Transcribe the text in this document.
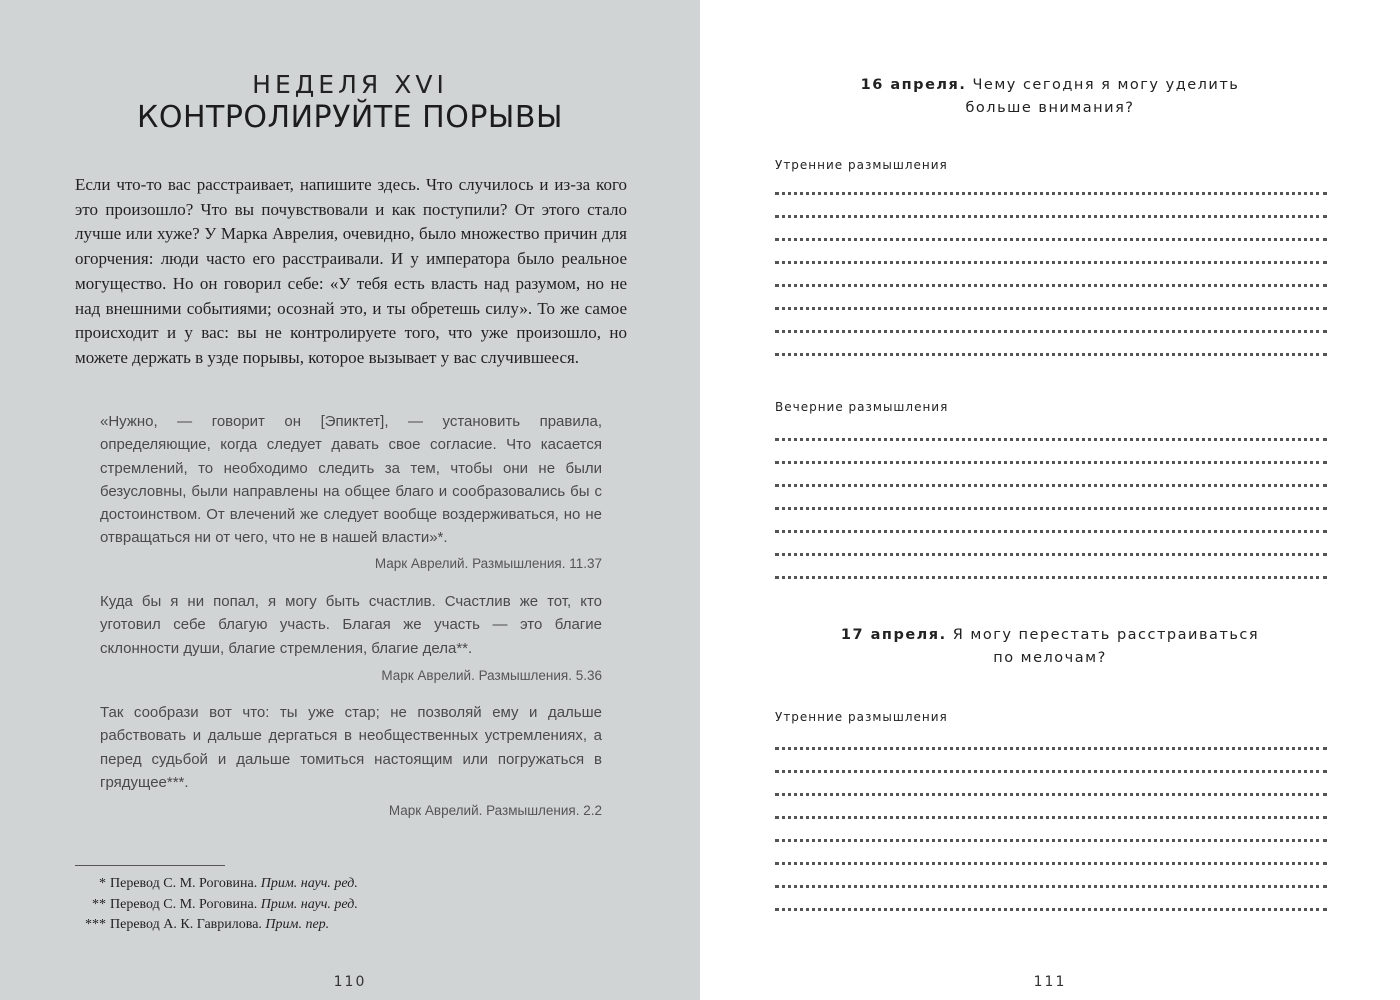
НЕДЕЛЯ XVI
КОНТРОЛИРУЙТЕ ПОРЫВЫ

Если что-то вас расстраивает, напишите здесь. Что случилось и из-за кого это произошло? Что вы почувствовали и как поступили? От этого стало лучше или хуже? У Марка Аврелия, очевидно, было множество причин для огорчения: люди часто его расстраивали. И у императора было реальное могущество. Но он говорил себе: «У тебя есть власть над разумом, но не над внешними событиями; осознай это, и ты обретешь силу». То же самое происходит и у вас: вы не контролируете того, что уже произошло, но можете держать в узде порывы, которое вызывает у вас случившееся.

«Нужно, — говорит он [Эпиктет], — установить правила, определяющие, когда следует давать свое согласие. Что касается стремлений, то необходимо следить за тем, чтобы они не были безусловны, были направлены на общее благо и сообразовались бы с достоинством. От влечений же следует вообще воздерживаться, но не отвращаться ни от чего, что не в нашей власти»*.

Марк Аврелий. Размышления. 11.37

Куда бы я ни попал, я могу быть счастлив. Счастлив же тот, кто уготовил себе благую участь. Благая же участь — это благие склонности души, благие стремления, благие дела**.

Марк Аврелий. Размышления. 5.36

Так сообрази вот что: ты уже стар; не позволяй ему и дальше рабствовать и дальше дергаться в необщественных устремлениях, а перед судьбой и дальше томиться настоящим или погружаться в грядущее***.

Марк Аврелий. Размышления. 2.2
* Перевод С. М. Роговина. Прим. науч. ред.
** Перевод С. М. Роговина. Прим. науч. ред.
*** Перевод А. К. Гаврилова. Прим. пер.
110
16 апреля. Чему сегодня я могу уделить
больше внимания?
Утренние размышления
Вечерние размышления
17 апреля. Я могу перестать расстраиваться
по мелочам?
Утренние размышления
111
